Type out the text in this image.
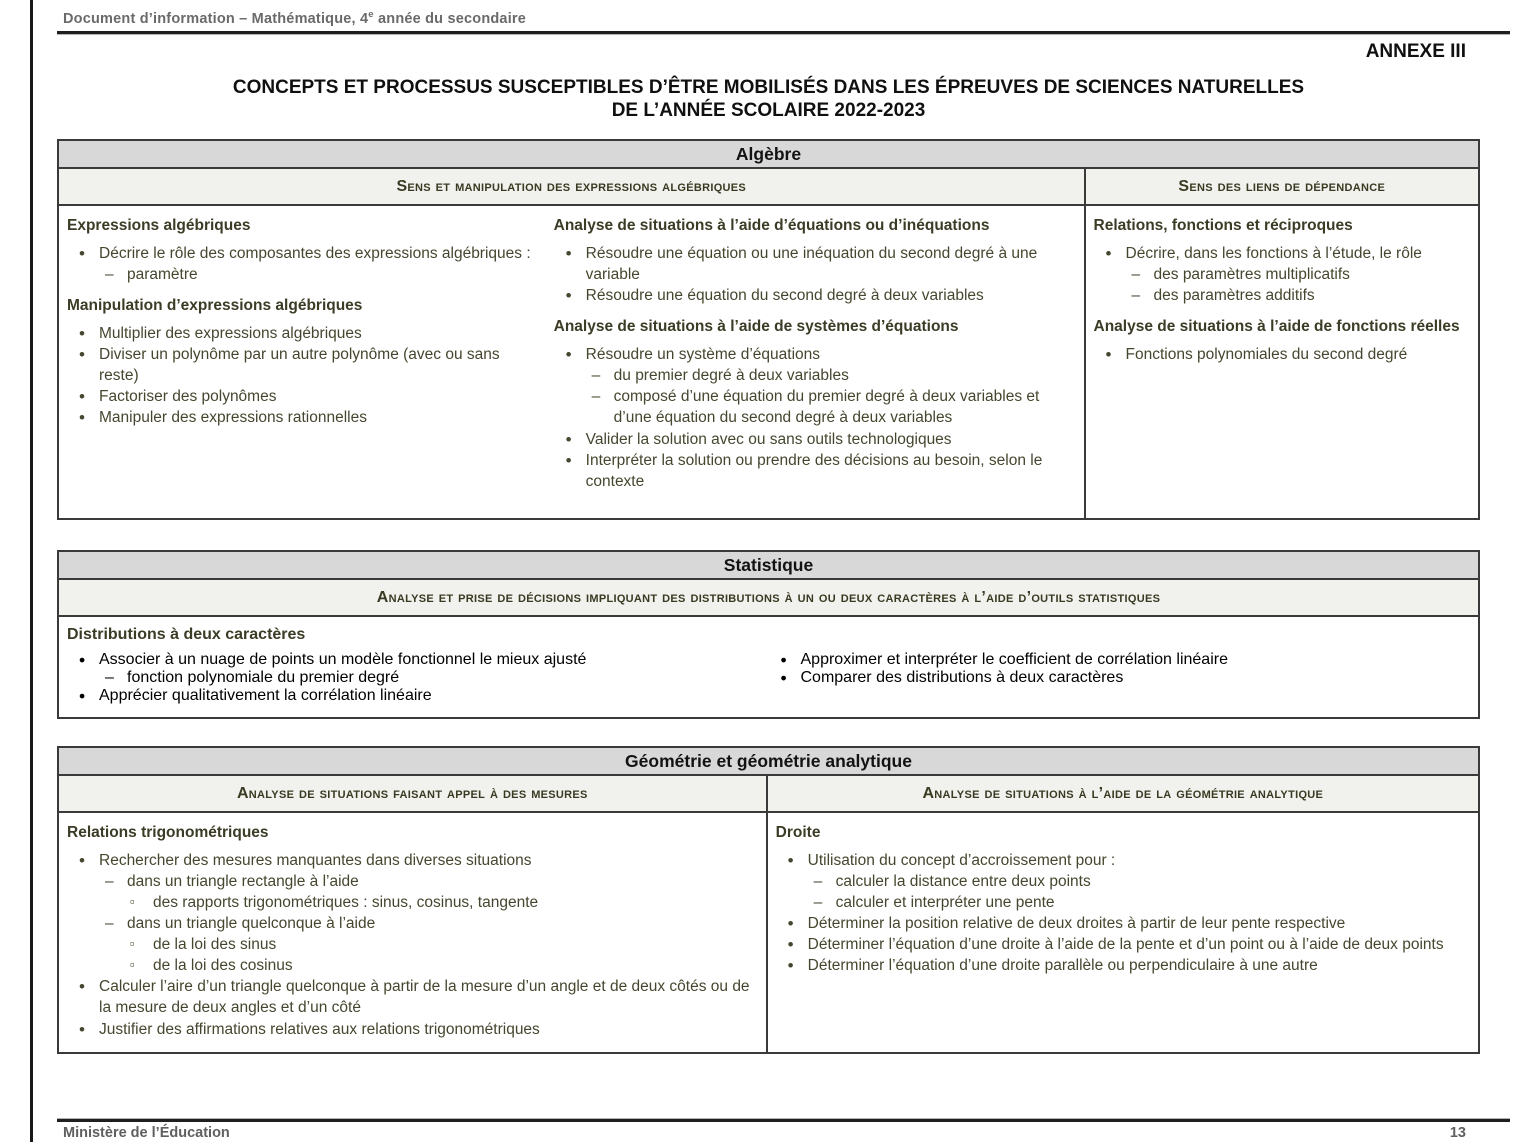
Document d’information – Mathématique, 4e année du secondaire
ANNEXE III
CONCEPTS ET PROCESSUS SUSCEPTIBLES D’ÊTRE MOBILISÉS DANS LES ÉPREUVES DE SCIENCES NATURELLES
DE L’ANNÉE SCOLAIRE 2022-2023
Algèbre
Sens et manipulation des expressions algébriques	Sens des liens de dépendance
Expressions algébriques
• Décrire le rôle des composantes des expressions algébriques :
– paramètre
Manipulation d’expressions algébriques
• Multiplier des expressions algébriques
• Diviser un polynôme par un autre polynôme (avec ou sans reste)
• Factoriser des polynômes
• Manipuler des expressions rationnelles
Analyse de situations à l’aide d’équations ou d’inéquations
• Résoudre une équation ou une inéquation du second degré à une variable
• Résoudre une équation du second degré à deux variables
Analyse de situations à l’aide de systèmes d’équations
• Résoudre un système d’équations
– du premier degré à deux variables
– composé d’une équation du premier degré à deux variables et d’une équation du second degré à deux variables
• Valider la solution avec ou sans outils technologiques
• Interpréter la solution ou prendre des décisions au besoin, selon le contexte
Relations, fonctions et réciproques
• Décrire, dans les fonctions à l’étude, le rôle
– des paramètres multiplicatifs
– des paramètres additifs
Analyse de situations à l’aide de fonctions réelles
• Fonctions polynomiales du second degré
Statistique
Analyse et prise de décisions impliquant des distributions à un ou deux caractères à l’aide d’outils statistiques
Distributions à deux caractères
• Associer à un nuage de points un modèle fonctionnel le mieux ajusté
– fonction polynomiale du premier degré
• Apprécier qualitativement la corrélation linéaire
• Approximer et interpréter le coefficient de corrélation linéaire
• Comparer des distributions à deux caractères
Géométrie et géométrie analytique
Analyse de situations faisant appel à des mesures	Analyse de situations à l’aide de la géométrie analytique
Relations trigonométriques
• Rechercher des mesures manquantes dans diverses situations
– dans un triangle rectangle à l’aide
▫ des rapports trigonométriques : sinus, cosinus, tangente
– dans un triangle quelconque à l’aide
▫ de la loi des sinus
▫ de la loi des cosinus
• Calculer l’aire d’un triangle quelconque à partir de la mesure d’un angle et de deux côtés ou de la mesure de deux angles et d’un côté
• Justifier des affirmations relatives aux relations trigonométriques
Droite
• Utilisation du concept d’accroissement pour :
– calculer la distance entre deux points
– calculer et interpréter une pente
• Déterminer la position relative de deux droites à partir de leur pente respective
• Déterminer l’équation d’une droite à l’aide de la pente et d’un point ou à l’aide de deux points
• Déterminer l’équation d’une droite parallèle ou perpendiculaire à une autre
Ministère de l’Éducation	13
